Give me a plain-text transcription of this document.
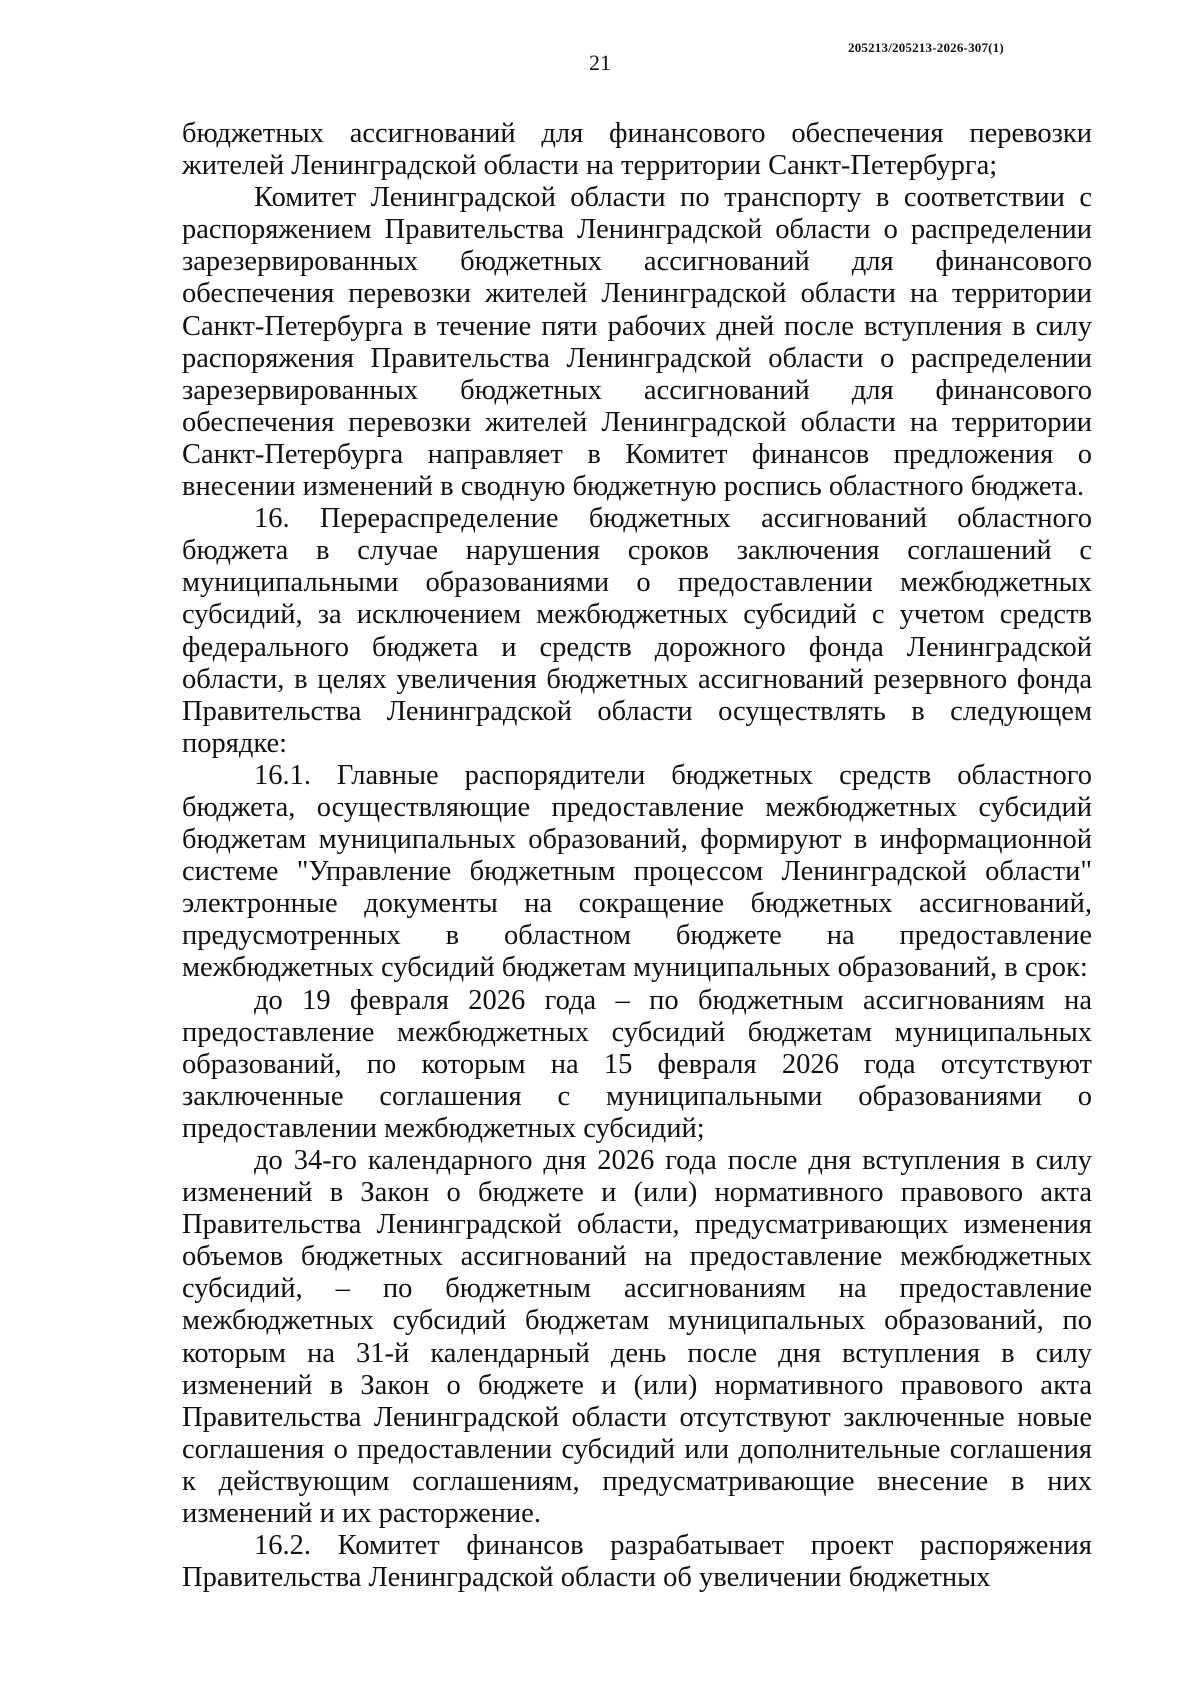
205213/205213-2026-307(1)
21

бюджетных ассигнований для финансового обеспечения перевозки жителей Ленинградской области на территории Санкт-Петербурга;

Комитет Ленинградской области по транспорту в соответствии с распоряжением Правительства Ленинградской области о распределении зарезервированных бюджетных ассигнований для финансового обеспечения перевозки жителей Ленинградской области на территории Санкт-Петербурга в течение пяти рабочих дней после вступления в силу распоряжения Правительства Ленинградской области о распределении зарезервированных бюджетных ассигнований для финансового обеспечения перевозки жителей Ленинградской области на территории Санкт-Петербурга направляет в Комитет финансов предложения о внесении изменений в сводную бюджетную роспись областного бюджета.

16. Перераспределение бюджетных ассигнований областного бюджета в случае нарушения сроков заключения соглашений с муниципальными образованиями о предоставлении межбюджетных субсидий, за исключением межбюджетных субсидий с учетом средств федерального бюджета и средств дорожного фонда Ленинградской области, в целях увеличения бюджетных ассигнований резервного фонда Правительства Ленинградской области осуществлять в следующем порядке:

16.1. Главные распорядители бюджетных средств областного бюджета, осуществляющие предоставление межбюджетных субсидий бюджетам муниципальных образований, формируют в информационной системе "Управление бюджетным процессом Ленинградской области" электронные документы на сокращение бюджетных ассигнований, предусмотренных в областном бюджете на предоставление межбюджетных субсидий бюджетам муниципальных образований, в срок:

до 19 февраля 2026 года – по бюджетным ассигнованиям на предоставление межбюджетных субсидий бюджетам муниципальных образований, по которым на 15 февраля 2026 года отсутствуют заключенные соглашения с муниципальными образованиями о предоставлении межбюджетных субсидий;

до 34-го календарного дня 2026 года после дня вступления в силу изменений в Закон о бюджете и (или) нормативного правового акта Правительства Ленинградской области, предусматривающих изменения объемов бюджетных ассигнований на предоставление межбюджетных субсидий, – по бюджетным ассигнованиям на предоставление межбюджетных субсидий бюджетам муниципальных образований, по которым на 31-й календарный день после дня вступления в силу изменений в Закон о бюджете и (или) нормативного правового акта Правительства Ленинградской области отсутствуют заключенные новые соглашения о предоставлении субсидий или дополнительные соглашения к действующим соглашениям, предусматривающие внесение в них изменений и их расторжение.

16.2. Комитет финансов разрабатывает проект распоряжения Правительства Ленинградской области об увеличении бюджетных
